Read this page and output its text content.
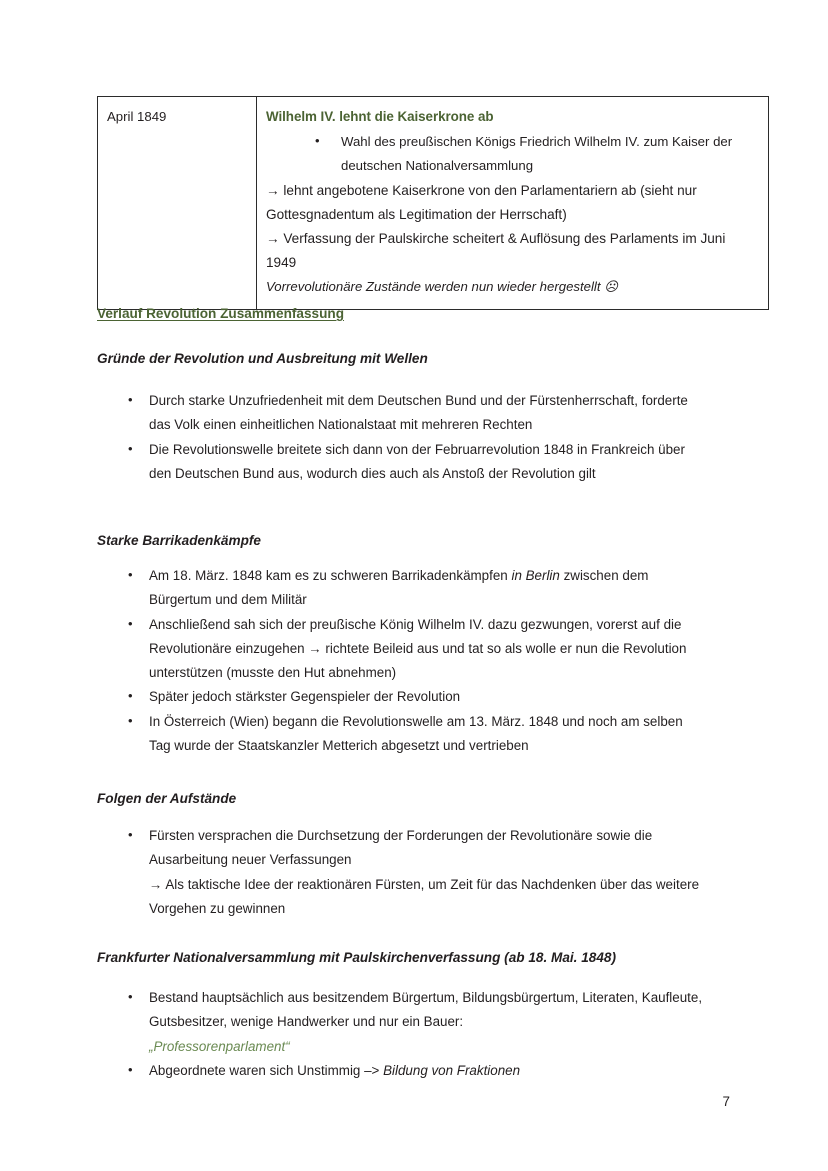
April 1849	Wilhelm IV. lehnt die Kaiserkrone ab
• Wahl des preußischen Königs Friedrich Wilhelm IV. zum Kaiser der deutschen Nationalversammlung
→ lehnt angebotene Kaiserkrone von den Parlamentariern ab (sieht nur Gottesgnadentum als Legitimation der Herrschaft)
→ Verfassung der Paulskirche scheitert & Auflösung des Parlaments im Juni 1949
Vorrevolutionäre Zustände werden nun wieder hergestellt ☹
Verlauf Revolution Zusammenfassung
Gründe der Revolution und Ausbreitung mit Wellen
• Durch starke Unzufriedenheit mit dem Deutschen Bund und der Fürstenherrschaft, forderte das Volk einen einheitlichen Nationalstaat mit mehreren Rechten
• Die Revolutionswelle breitete sich dann von der Februarrevolution 1848 in Frankreich über den Deutschen Bund aus, wodurch dies auch als Anstoß der Revolution gilt
Starke Barrikadenkämpfe
• Am 18. März. 1848 kam es zu schweren Barrikadenkämpfen in Berlin zwischen dem Bürgertum und dem Militär
• Anschließend sah sich der preußische König Wilhelm IV. dazu gezwungen, vorerst auf die Revolutionäre einzugehen → richtete Beileid aus und tat so als wolle er nun die Revolution unterstützen (musste den Hut abnehmen)
• Später jedoch stärkster Gegenspieler der Revolution
• In Österreich (Wien) begann die Revolutionswelle am 13. März. 1848 und noch am selben Tag wurde der Staatskanzler Metterich abgesetzt und vertrieben
Folgen der Aufstände
• Fürsten versprachen die Durchsetzung der Forderungen der Revolutionäre sowie die Ausarbeitung neuer Verfassungen
→ Als taktische Idee der reaktionären Fürsten, um Zeit für das Nachdenken über das weitere Vorgehen zu gewinnen
Frankfurter Nationalversammlung mit Paulskirchenverfassung (ab 18. Mai. 1848)
• Bestand hauptsächlich aus besitzendem Bürgertum, Bildungsbürgertum, Literaten, Kaufleute, Gutsbesitzer, wenige Handwerker und nur ein Bauer:
„Professorenparlament“
• Abgeordnete waren sich Unstimmig –> Bildung von Fraktionen
7
